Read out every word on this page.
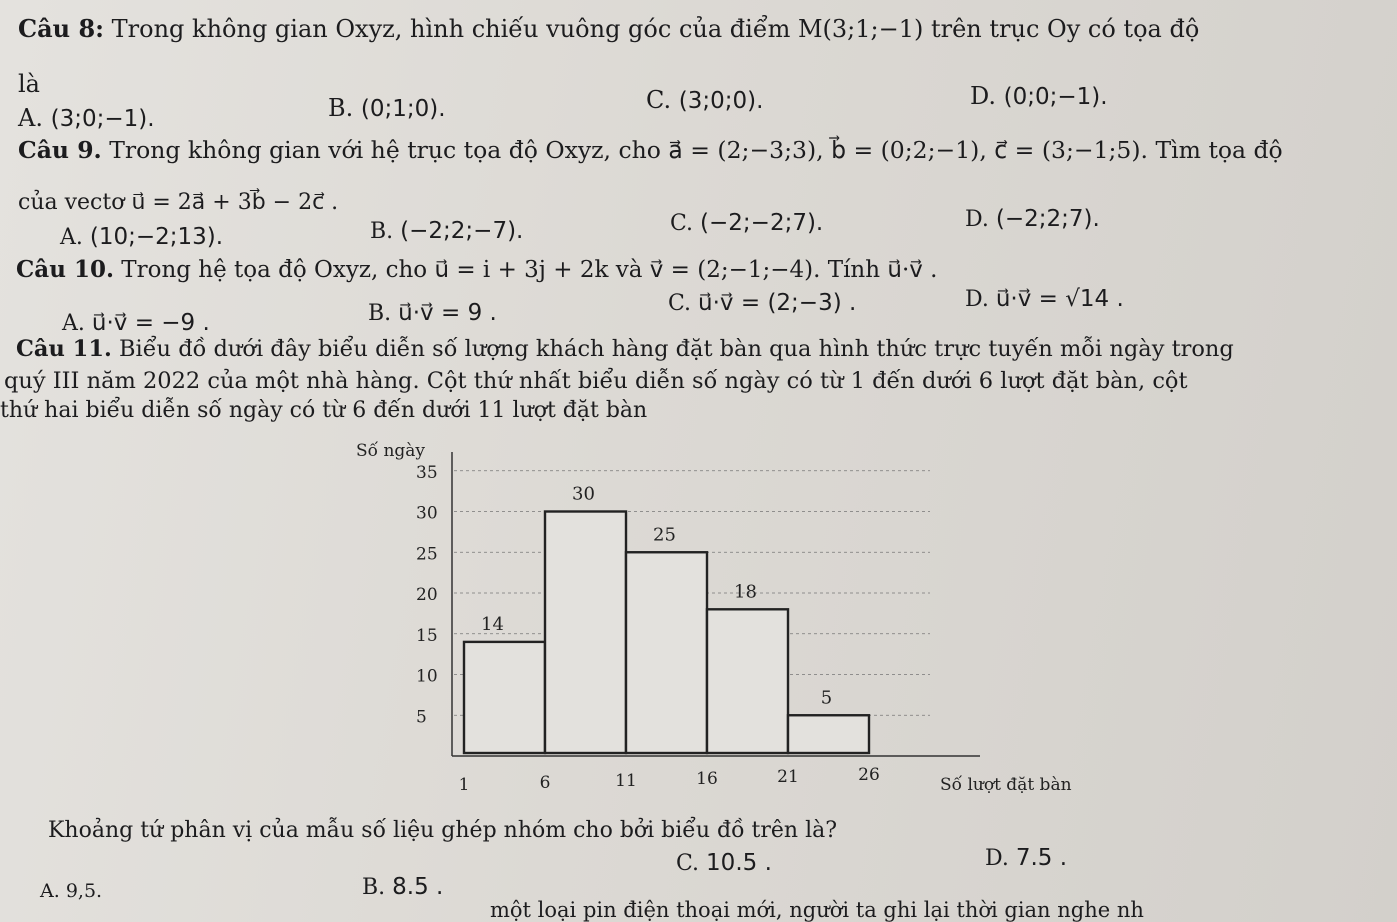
Câu 8: Trong không gian Oxyz, hình chiếu vuông góc của điểm M(3;1;−1) trên trục Oy có tọa độ
là
A. (3;0;−1).	B. (0;1;0).	C. (3;0;0).	D. (0;0;−1).
Câu 9. Trong không gian với hệ trục tọa độ Oxyz, cho a⃗ = (2;−3;3), b⃗ = (0;2;−1), c⃗ = (3;−1;5). Tìm tọa độ
của vectơ u⃗ = 2a⃗ + 3b⃗ − 2c⃗ .
A. (10;−2;13).	B. (−2;2;−7).	C. (−2;−2;7).	D. (−2;2;7).
Câu 10. Trong hệ tọa độ Oxyz, cho u⃗ = i + 3j + 2k và v⃗ = (2;−1;−4). Tính u⃗·v⃗ .
A. u⃗·v⃗ = −9 .	B. u⃗·v⃗ = 9 .	C. u⃗·v⃗ = (2;−3) .	D. u⃗·v⃗ = √14 .
Câu 11. Biểu đồ dưới đây biểu diễn số lượng khách hàng đặt bàn qua hình thức trực tuyến mỗi ngày trong
quý III năm 2022 của một nhà hàng. Cột thứ nhất biểu diễn số ngày có từ 1 đến dưới 6 lượt đặt bàn, cột
thứ hai biểu diễn số ngày có từ 6 đến dưới 11 lượt đặt bàn
5
10
15
20
25
30
35
1	6	11	16	21	26
14
30
25
18
5
Số ngày
Số lượt đặt bàn
Khoảng tứ phân vị của mẫu số liệu ghép nhóm cho bởi biểu đồ trên là?
A. 9,5.	B. 8.5 .
C. 10.5 .	D. 7.5 .
một loại pin điện thoại mới, người ta ghi lại thời gian nghe nh
